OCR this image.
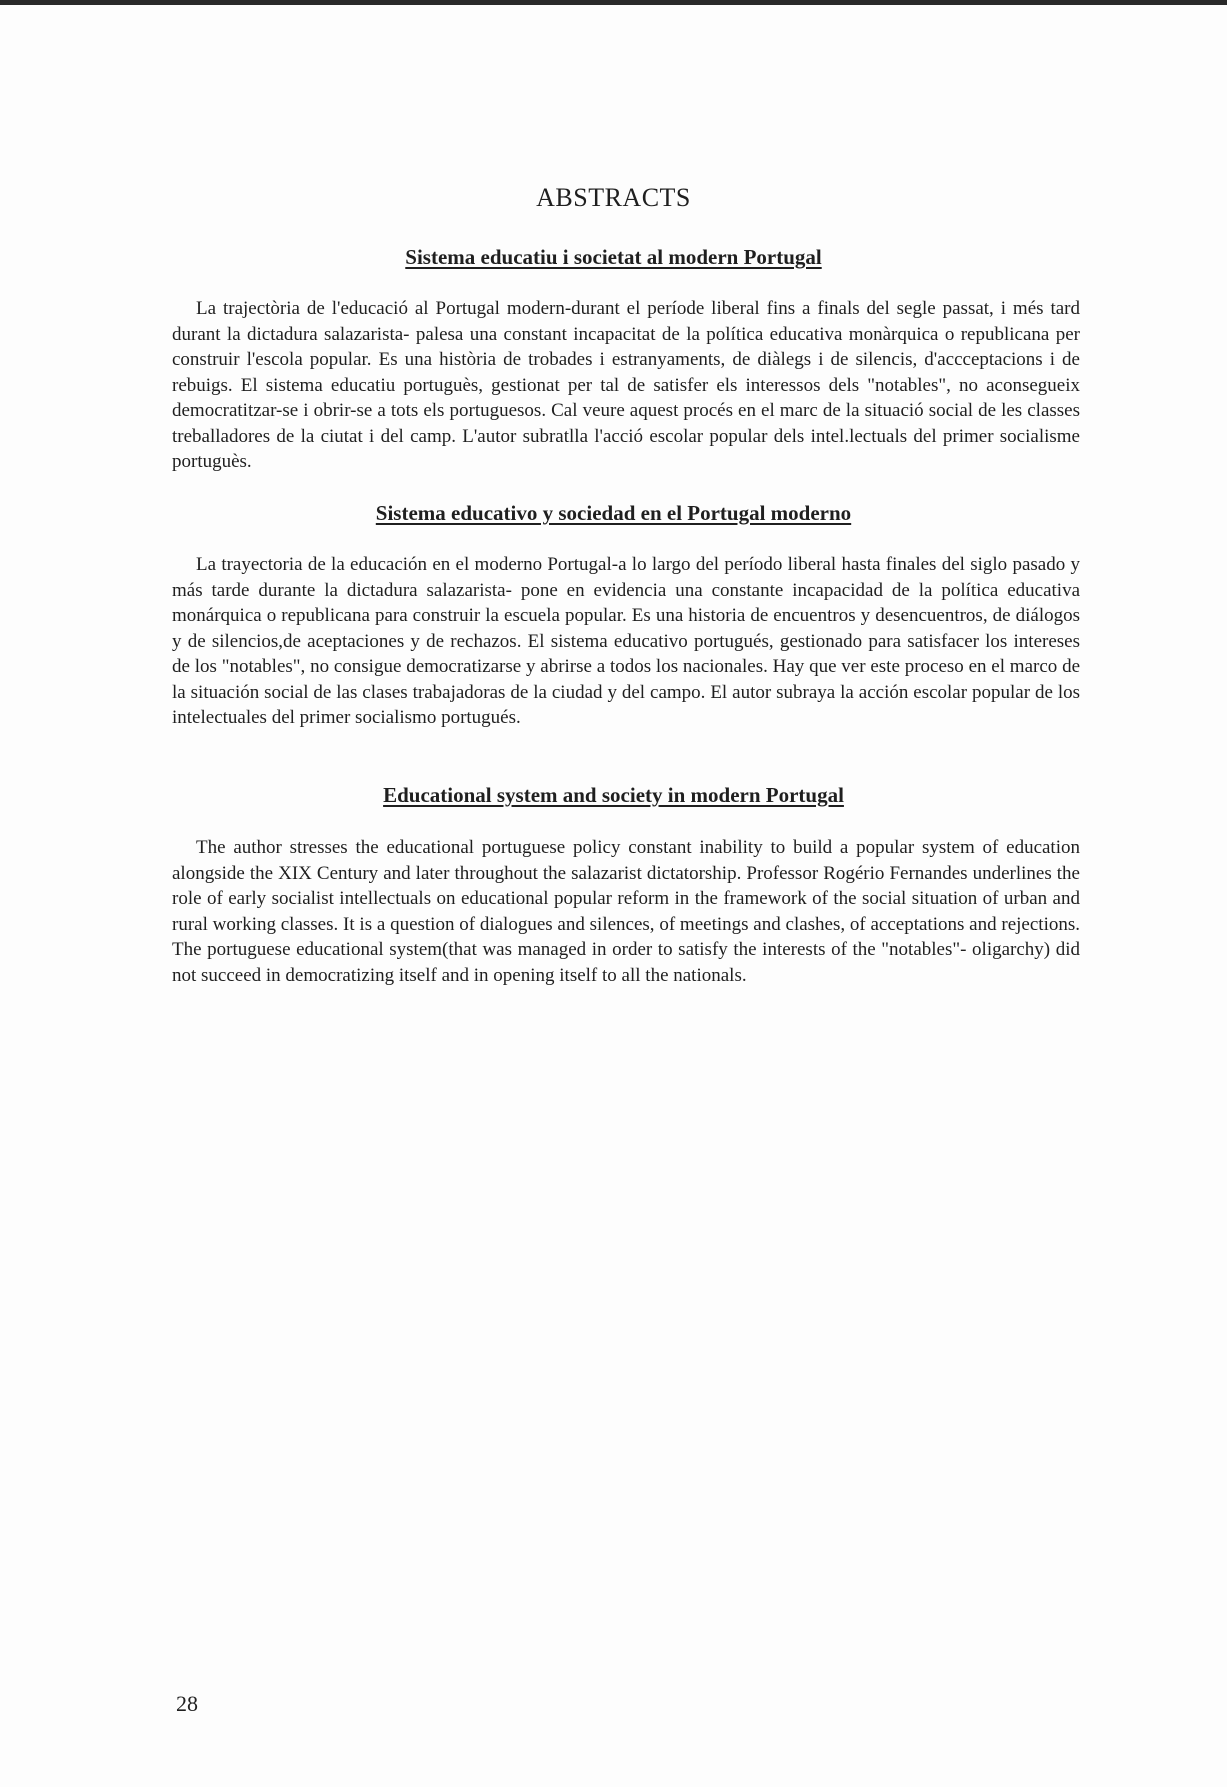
ABSTRACTS
Sistema educatiu i societat al modern Portugal

La trajectòria de l'educació al Portugal modern-durant el període liberal fins a finals del segle passat, i més tard durant la dictadura salazarista- palesa una constant incapacitat de la política educativa monàrquica o republicana per construir l'escola popular. Es una història de trobades i estranyaments, de diàlegs i de silencis, d'accceptacions i de rebuigs. El sistema educatiu portuguès, gestionat per tal de satisfer els interessos dels "notables", no aconsegueix democratitzar-se i obrir-se a tots els portuguesos. Cal veure aquest procés en el marc de la situació social de les classes treballadores de la ciutat i del camp. L'autor subratlla l'acció escolar popular dels intel.lectuals del primer socialisme portuguès.

Sistema educativo y sociedad en el Portugal moderno

La trayectoria de la educación en el moderno Portugal-a lo largo del período liberal hasta finales del siglo pasado y más tarde durante la dictadura salazarista- pone en evidencia una constante incapacidad de la política educativa monárquica o republicana para construir la escuela popular. Es una historia de encuentros y desencuentros, de diálogos y de silencios,de aceptaciones y de rechazos. El sistema educativo portugués, gestionado para satisfacer los intereses de los "notables", no consigue democratizarse y abrirse a todos los nacionales. Hay que ver este proceso en el marco de la situación social de las clases trabajadoras de la ciudad y del campo. El autor subraya la acción escolar popular de los intelectuales del primer socialismo portugués.

Educational system and society in modern Portugal

The author stresses the educational portuguese policy constant inability to build a popular system of education alongside the XIX Century and later throughout the salazarist dictatorship. Professor Rogério Fernandes underlines the role of early socialist intellectuals on educational popular reform in the framework of the social situation of urban and rural working classes. It is a question of dialogues and silences, of meetings and clashes, of acceptations and rejections. The portuguese educational system(that was managed in order to satisfy the interests of the "notables"- oligarchy) did not succeed in democratizing itself and in opening itself to all the nationals.

28
